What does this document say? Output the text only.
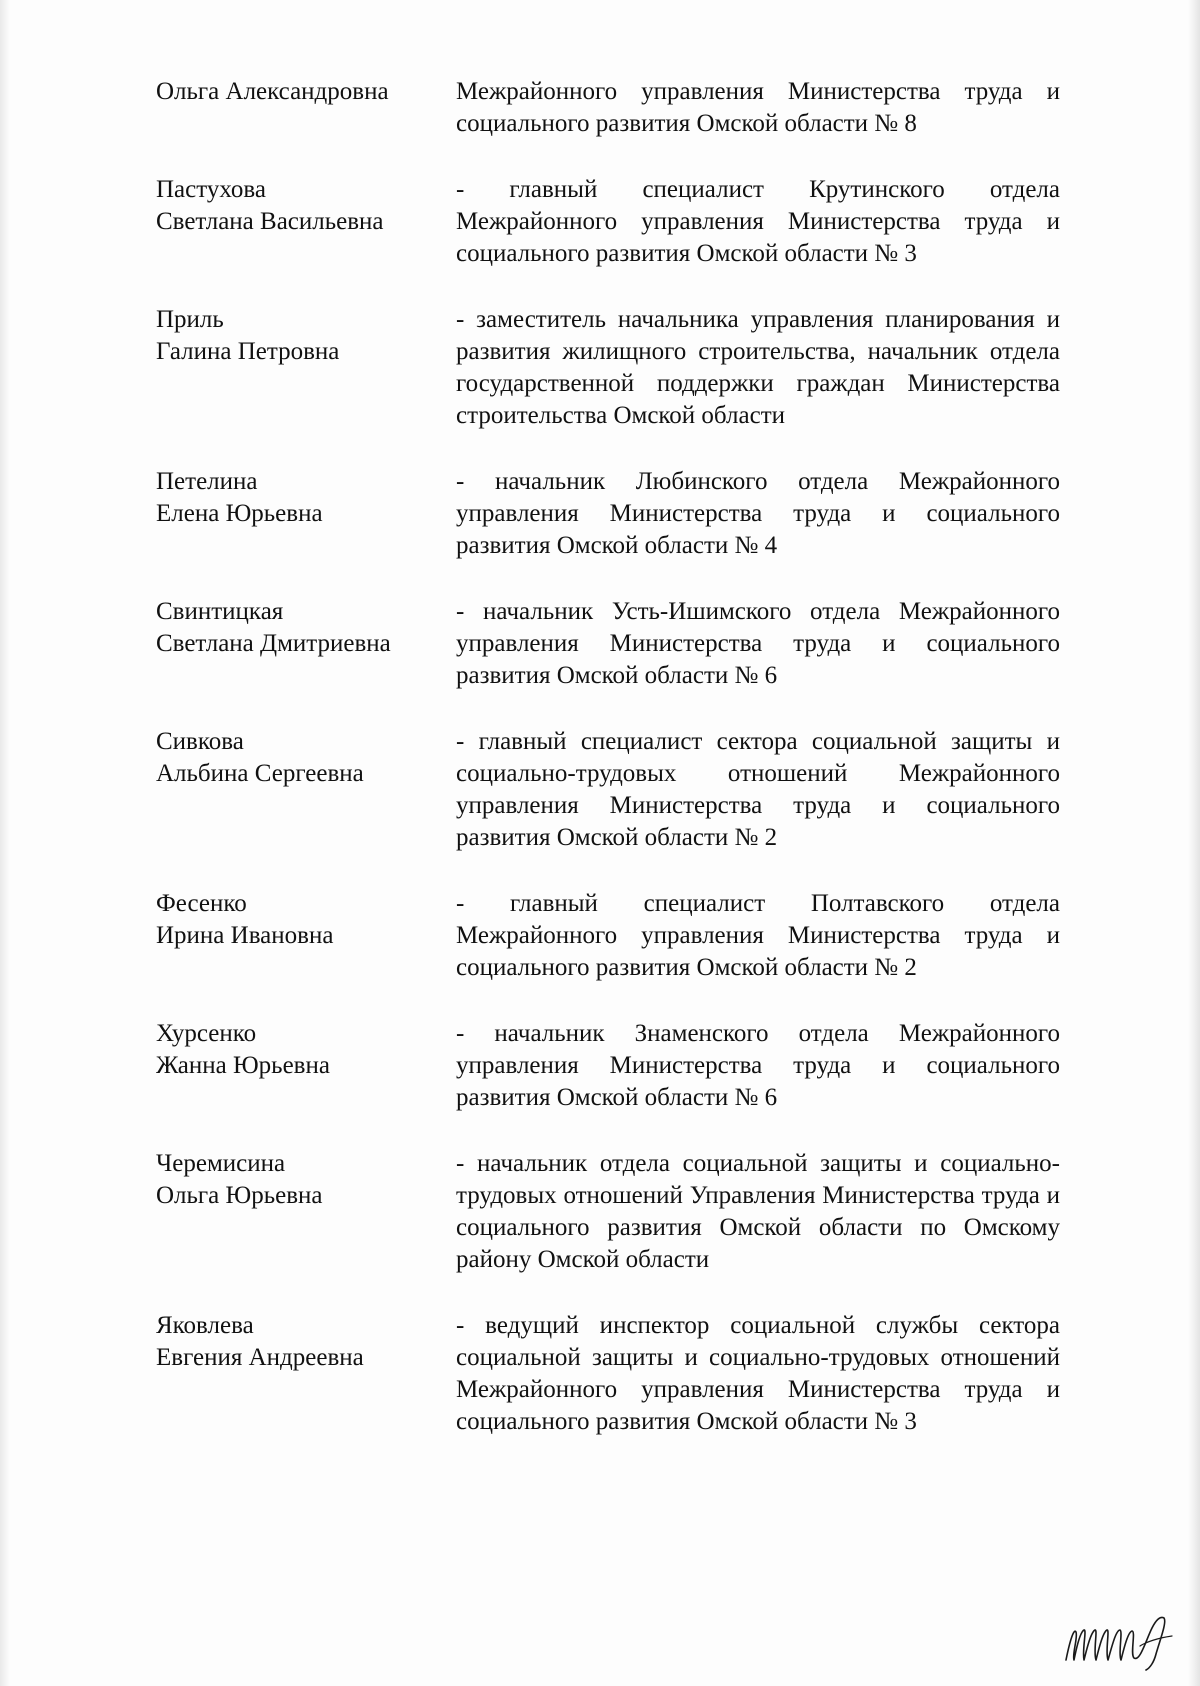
Ольга Александровна	Межрайонного управления Министерства труда и социального развития Омской области № 8
Пастухова
Светлана Васильевна
- главный специалист Крутинского отдела Межрайонного управления Министерства труда и социального развития Омской области № 3
Приль
Галина Петровна
- заместитель начальника управления планирования и развития жилищного строительства, начальник отдела государственной поддержки граждан Министерства строительства Омской области
Петелина
Елена Юрьевна
- начальник Любинского отдела Межрайонного управления Министерства труда и социального развития Омской области № 4
Свинтицкая
Светлана Дмитриевна
- начальник Усть-Ишимского отдела Межрайонного управления Министерства труда и социального развития Омской области № 6
Сивкова
Альбина Сергеевна
- главный специалист сектора социальной защиты и социально-трудовых отношений Межрайонного управления Министерства труда и социального развития Омской области № 2
Фесенко
Ирина Ивановна
- главный специалист Полтавского отдела Межрайонного управления Министерства труда и социального развития Омской области № 2
Хурсенко
Жанна Юрьевна
- начальник Знаменского отдела Межрайонного управления Министерства труда и социального развития Омской области № 6
Черемисина
Ольга Юрьевна
- начальник отдела социальной защиты и социально-трудовых отношений Управления Министерства труда и социального развития Омской области по Омскому району Омской области
Яковлева
Евгения Андреевна
- ведущий инспектор социальной службы сектора социальной защиты и социально-трудовых отношений Межрайонного управления Министерства труда и социального развития Омской области № 3
